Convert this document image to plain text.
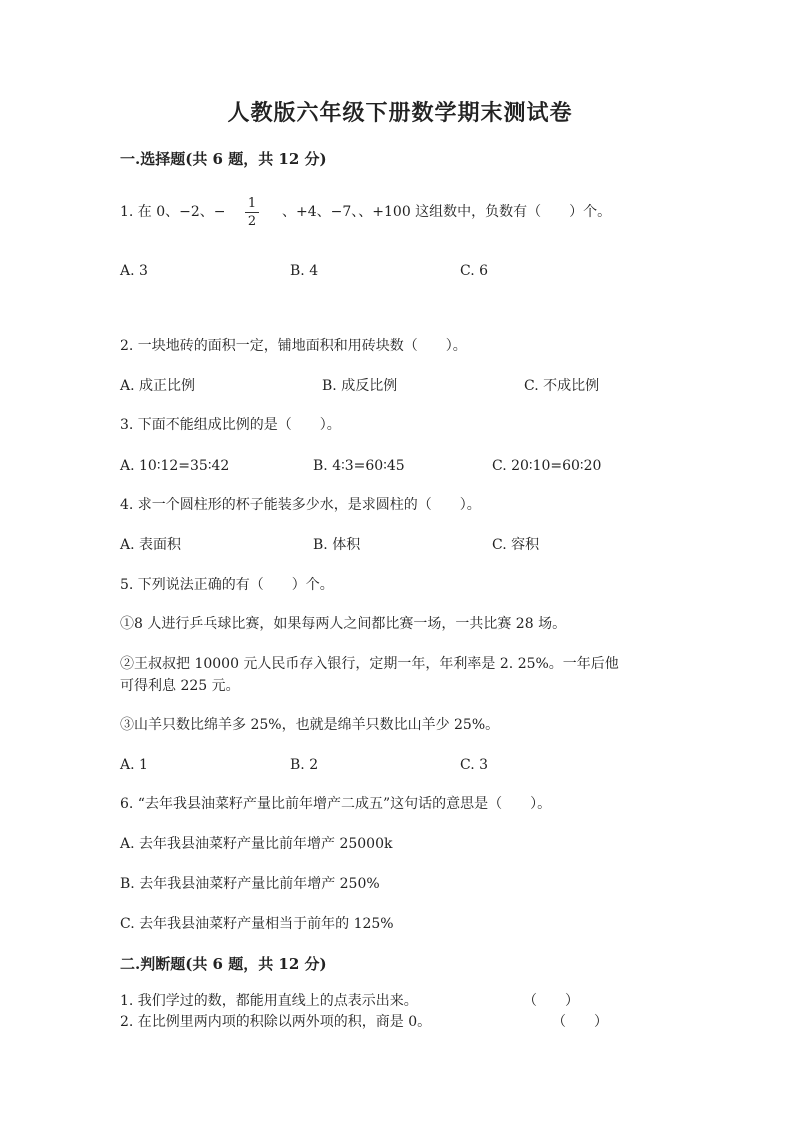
人教版六年级下册数学期末测试卷
一.选择题(共 6 题，共 12 分)
1. 在 0、−2、−
1
2
、+4、−7、、+100 这组数中，负数有（　　）个。
A. 3	B. 4	C. 6
2. 一块地砖的面积一定，铺地面积和用砖块数（　　）。
A. 成正比例	B. 成反比例	C. 不成比例
3. 下面不能组成比例的是（　　）。
A. 10∶12=35∶42	B. 4∶3=60∶45	C. 20∶10=60∶20
4. 求一个圆柱形的杯子能装多少水，是求圆柱的（　　）。
A. 表面积	B. 体积	C. 容积
5. 下列说法正确的有（　　）个。
①8 人进行乒乓球比赛，如果每两人之间都比赛一场，一共比赛 28 场。
②王叔叔把 10000 元人民币存入银行，定期一年，年利率是 2. 25%。一年后他
可得利息 225 元。
③山羊只数比绵羊多 25%，也就是绵羊只数比山羊少 25%。
A. 1	B. 2	C. 3
6. “去年我县油菜籽产量比前年增产二成五”这句话的意思是（　　）。
A. 去年我县油菜籽产量比前年增产 25000k
B. 去年我县油菜籽产量比前年增产 250%
C. 去年我县油菜籽产量相当于前年的 125%
二.判断题(共 6 题，共 12 分)
1. 我们学过的数，都能用直线上的点表示出来。	（　　）
2. 在比例里两内项的积除以两外项的积，商是 0。	（　　）
